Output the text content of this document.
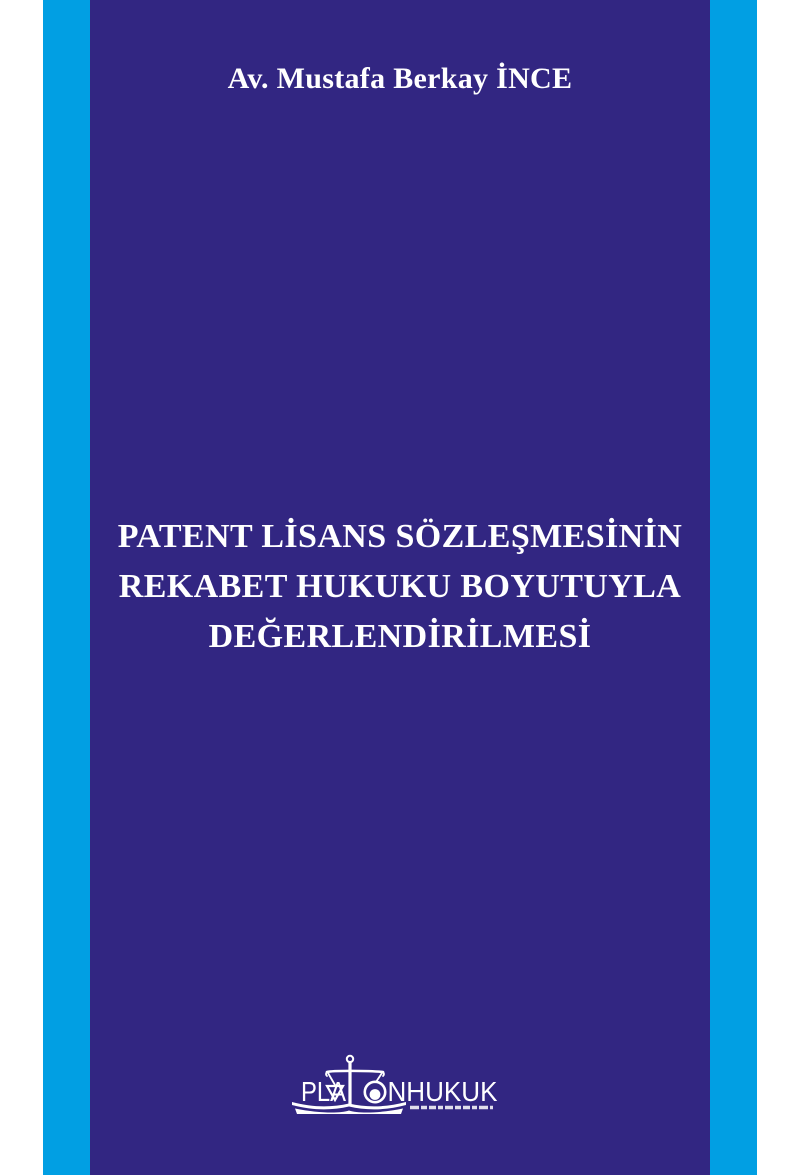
Av. Mustafa Berkay İNCE
PATENT LİSANS SÖZLEŞMESİNİN
REKABET HUKUKU BOYUTUYLA
DEĞERLENDİRİLMESİ
PLA NHUKUK
